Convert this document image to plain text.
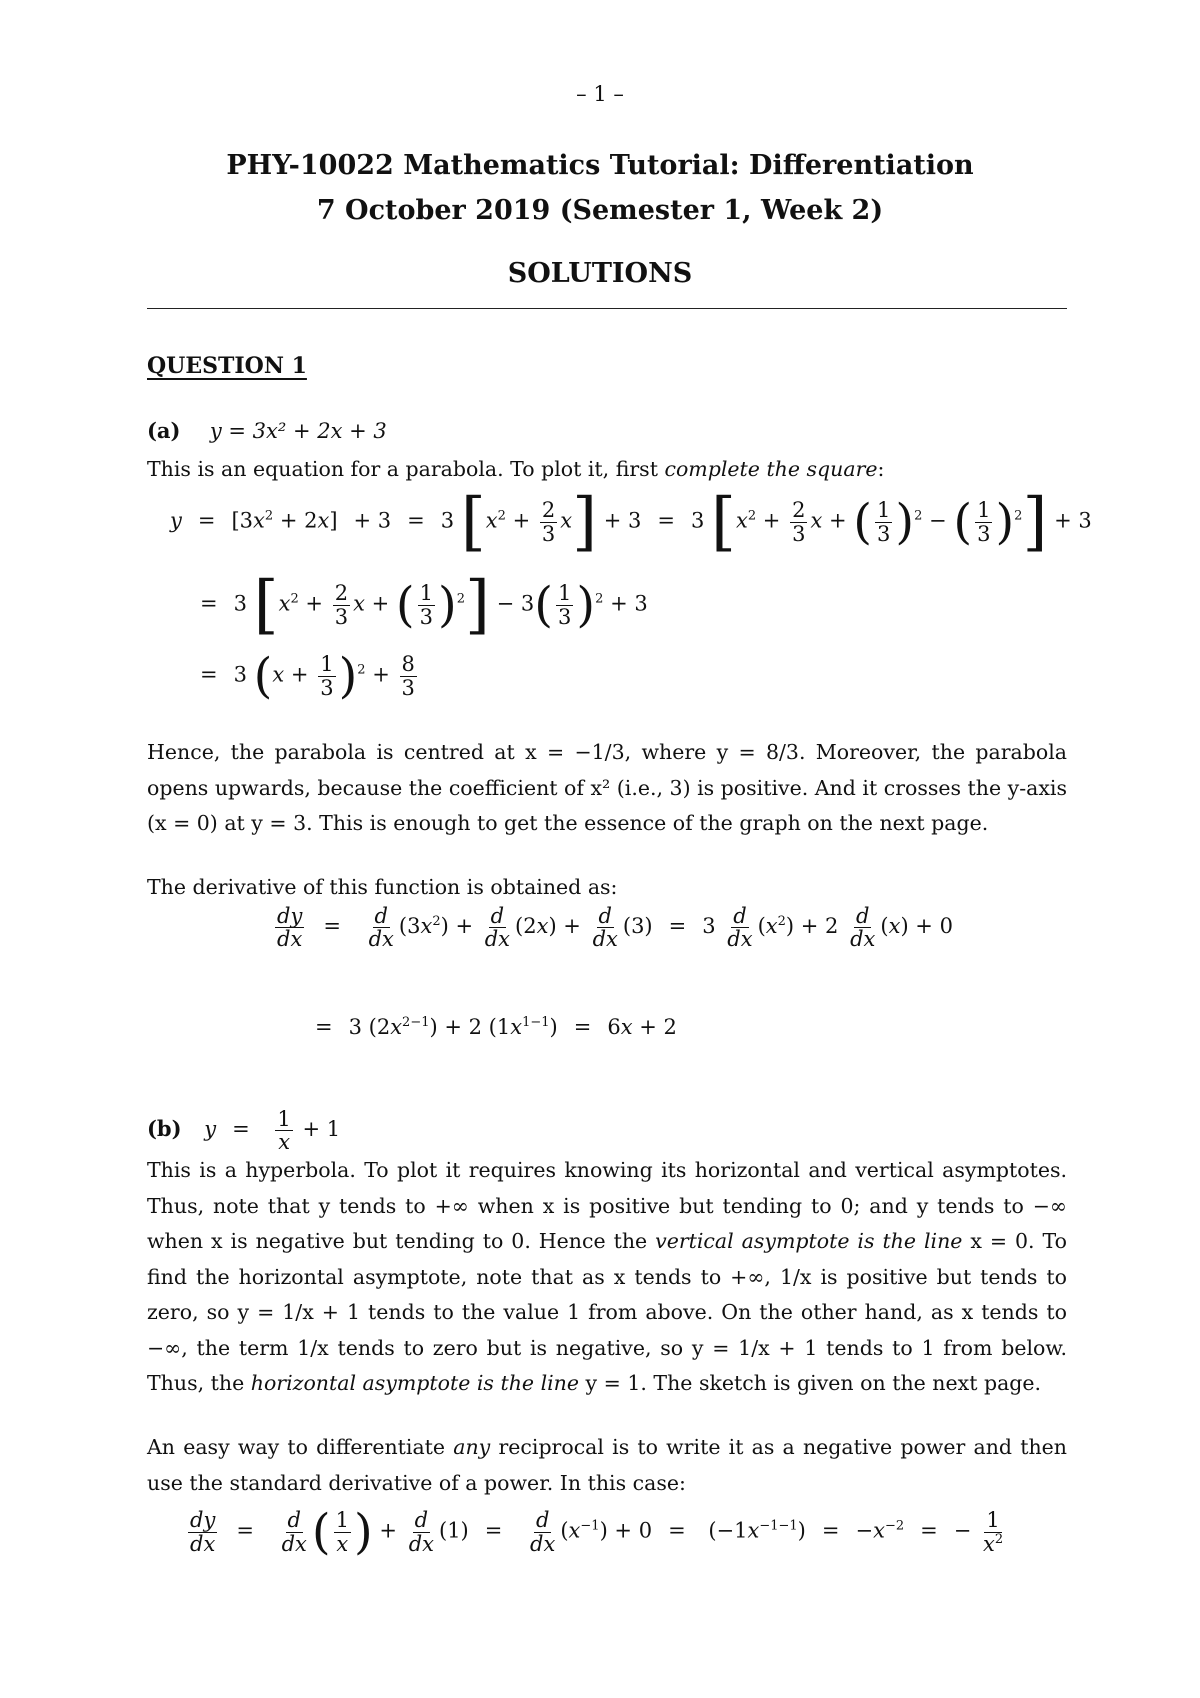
– 1 –
PHY-10022 Mathematics Tutorial: Differentiation
7 October 2019 (Semester 1, Week 2)
SOLUTIONS
QUESTION 1
(a) y = 3x² + 2x + 3
This is an equation for a parabola. To plot it, first complete the square:
$y = [3x^2 + 2x] + 3 = 3$ $[x^2 + \frac{2}{3} x] + 3 = 3$ [$x^2 + \frac{2}{3}$ x + ( $\frac{1}{3} )^2$ − ( $\frac{1}{3} )^2] + 3$
= 3 [$x^2 + \frac{2}{3}$ x + ( $\frac{1}{3} )^2] - 3( \frac{1}{3} )^2 + 3$
= 3 $(x + \frac{1}{3} )^2 + \frac{8}{3}$
Hence, the parabola is centred at x = −1/3, where y = 8/3. Moreover, the parabola opens upwards, because the coefficient of x² (i.e., 3) is positive. And it crosses the y-axis (x = 0) at y = 3. This is enough to get the essence of the graph on the next page.
The derivative of this function is obtained as:
$\frac{dy}{dx} = \frac{d}{dx} (3x^2) + \frac{d}{dx} (2x) + \frac{d}{dx} (3) = 3 \frac{d}{dx} (x^2) + 2 \frac{d}{dx} (x) + 0$
= 3 $(2x^{2-1}) + 2$ $(1x^{1-1}) = 6x + 2$
(b) $y = \frac{1}{x} + 1$
This is a hyperbola. To plot it requires knowing its horizontal and vertical asymptotes. Thus, note that y tends to +∞ when x is positive but tending to 0; and y tends to −∞ when x is negative but tending to 0. Hence the vertical asymptote is the line x = 0. To find the horizontal asymptote, note that as x tends to +∞, 1/x is positive but tends to zero, so y = 1/x + 1 tends to the value 1 from above. On the other hand, as x tends to −∞, the term 1/x tends to zero but is negative, so y = 1/x + 1 tends to 1 from below. Thus, the horizontal asymptote is the line y = 1. The sketch is given on the next page.
An easy way to differentiate any reciprocal is to write it as a negative power and then use the standard derivative of a power. In this case:
$\frac{dy}{dx} = \frac{d}{dx}$ ( $\frac{1}{x}$ ) + $\frac{d}{dx} (1) = \frac{d}{dx} (x^{-1}) + 0 = (-1x^{-1-1}) = -x^{-2}$ = − $\frac{1}{x^2}$
